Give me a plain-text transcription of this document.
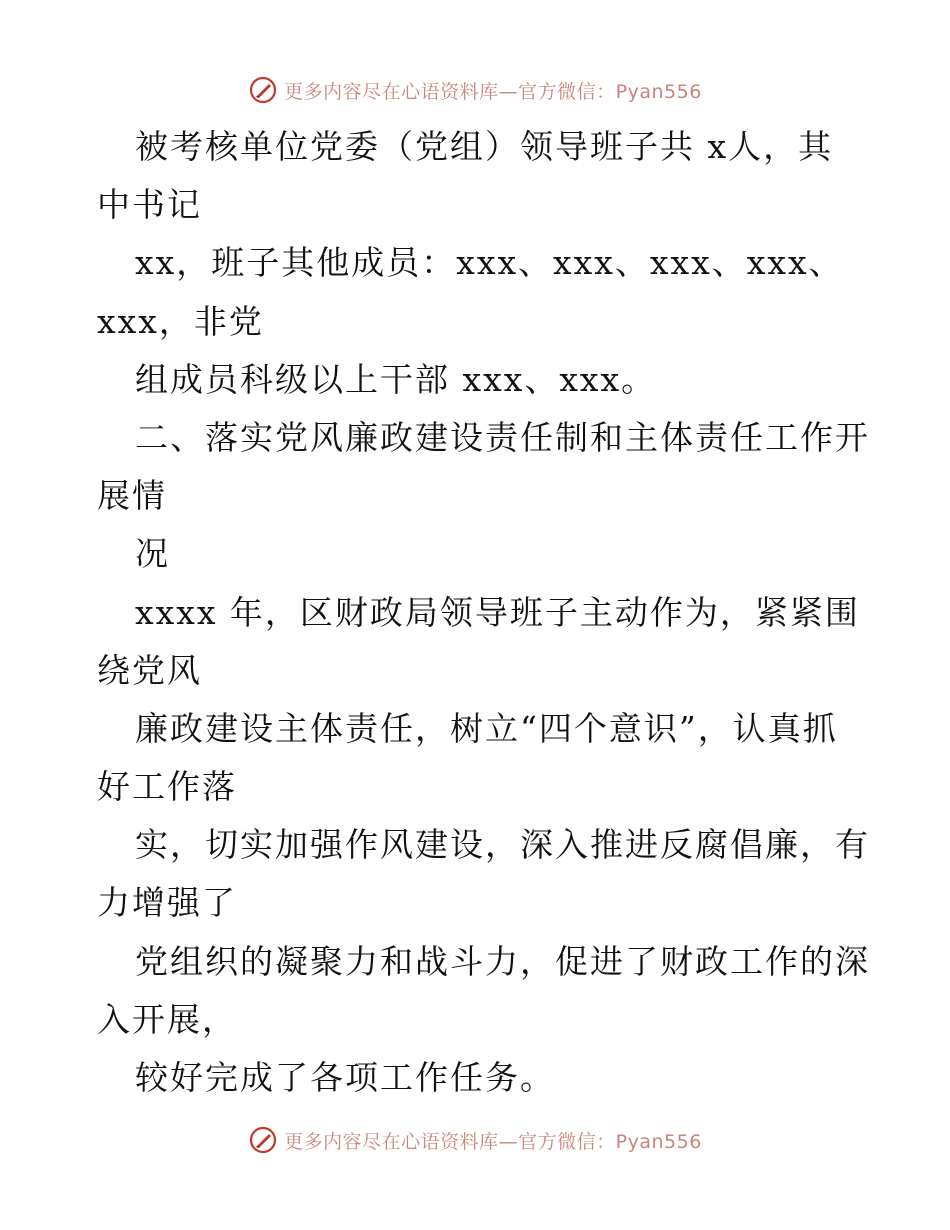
更多内容尽在心语资料库—官方微信：Pyan556
被考核单位党委（党组）领导班子共 x人，其
中书记
xx，班子其他成员：xxx、xxx、xxx、xxx、
xxx，非党
组成员科级以上干部 xxx、xxx。
二、落实党风廉政建设责任制和主体责任工作开
展情
况
xxxx 年，区财政局领导班子主动作为，紧紧围
绕党风
廉政建设主体责任，树立“四个意识”，认真抓
好工作落
实，切实加强作风建设，深入推进反腐倡廉，有
力增强了
党组织的凝聚力和战斗力，促进了财政工作的深
入开展，
较好完成了各项工作任务。
更多内容尽在心语资料库—官方微信：Pyan556
